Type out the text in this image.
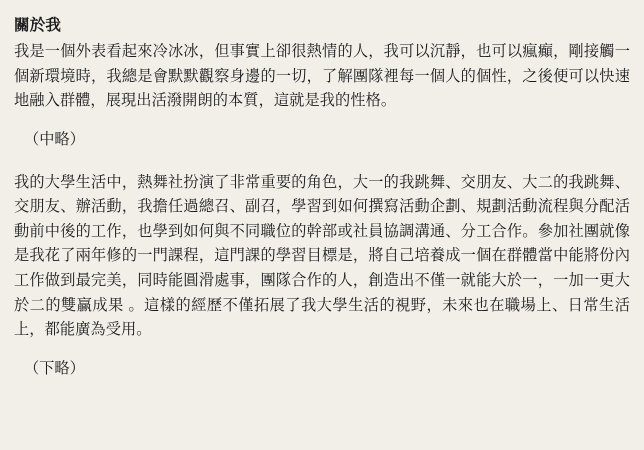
關於我

我是一個外表看起來冷冰冰，但事實上卻很熱情的人，我可以沉靜，也可以瘋癲，剛接觸一個新環境時，我總是會默默觀察身邊的一切，了解團隊裡每一個人的個性，之後便可以快速地融入群體，展現出活潑開朗的本質，這就是我的性格。

（中略）

我的大學生活中，熱舞社扮演了非常重要的角色，大一的我跳舞、交朋友、大二的我跳舞、交朋友、辦活動，我擔任過總召、副召，學習到如何撰寫活動企劃、規劃活動流程與分配活動前中後的工作，也學到如何與不同職位的幹部或社員協調溝通、分工合作。參加社團就像是我花了兩年修的一門課程，這門課的學習目標是，將自己培養成一個在群體當中能將份內工作做到最完美，同時能圓滑處事，團隊合作的人，創造出不僅一就能大於一，一加一更大於二的雙贏成果 。這樣的經歷不僅拓展了我大學生活的視野，未來也在職場上、日常生活上，都能廣為受用。

（下略）
